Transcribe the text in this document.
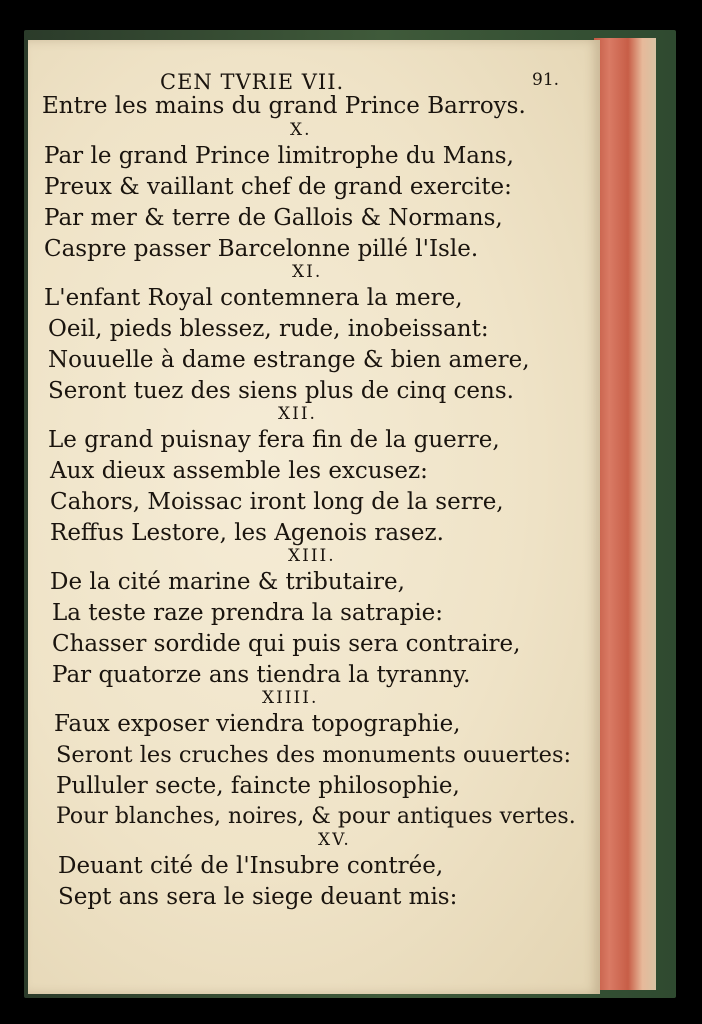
CEN TVRIE VII.	91.
Entre les mains du grand Prince Barroys.
X.
Par le grand Prince limitrophe du Mans,
Preux & vaillant chef de grand exercite:
Par mer & terre de Gallois & Normans,
Caspre passer Barcelonne pillé l'Isle.
XI.
L'enfant Royal contemnera la mere,
Oeil, pieds blessez, rude, inobeissant:
Nouuelle à dame estrange & bien amere,
Seront tuez des siens plus de cinq cens.
XII.
Le grand puisnay fera fin de la guerre,
Aux dieux assemble les excusez:
Cahors, Moissac iront long de la serre,
Reffus Lestore, les Agenois rasez.
XIII.
De la cité marine & tributaire,
La teste raze prendra la satrapie:
Chasser sordide qui puis sera contraire,
Par quatorze ans tiendra la tyranny.
XIIII.
Faux exposer viendra topographie,
Seront les cruches des monuments ouuertes:
Pulluler secte, faincte philosophie,
Pour blanches, noires, & pour antiques vertes.
XV.
Deuant cité de l'Insubre contrée,
Sept ans sera le siege deuant mis:
